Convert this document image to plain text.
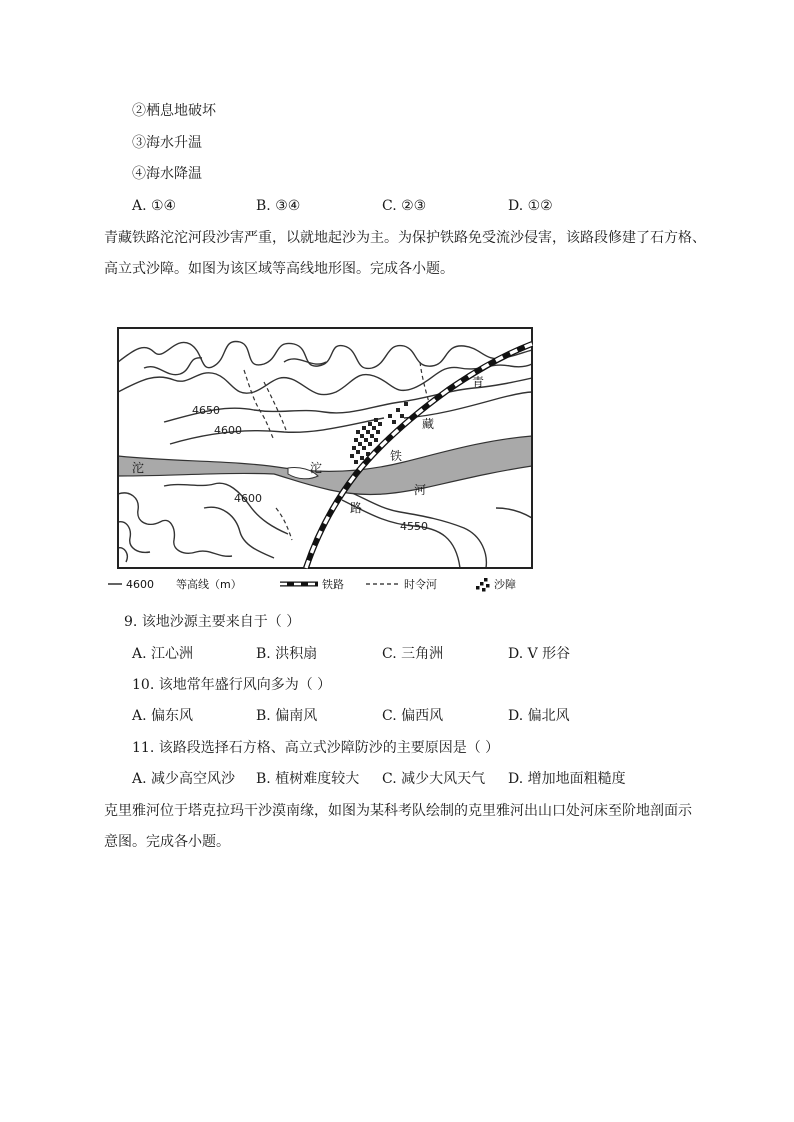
②栖息地破坏
③海水升温
④海水降温
A. ①④	B. ③④	C. ②③	D. ①②
青藏铁路沱沱河段沙害严重，以就地起沙为主。为保护铁路免受流沙侵害，该路段修建了石方格、
高立式沙障。如图为该区域等高线地形图。完成各小题。
4650
4600
4600
4550
沱	沱
河
青
藏
铁
路
4600 等高线（m）	铁路	时令河	沙障
9. 该地沙源主要来自于（ ）
A. 江心洲	B. 洪积扇	C. 三角洲	D. V 形谷
10. 该地常年盛行风向多为（ ）
A. 偏东风	B. 偏南风	C. 偏西风	D. 偏北风
11. 该路段选择石方格、高立式沙障防沙的主要原因是（ ）
A. 减少高空风沙 B. 植树难度较大 C. 减少大风天气 D. 增加地面粗糙度
克里雅河位于塔克拉玛干沙漠南缘，如图为某科考队绘制的克里雅河出山口处河床至阶地剖面示
意图。完成各小题。
